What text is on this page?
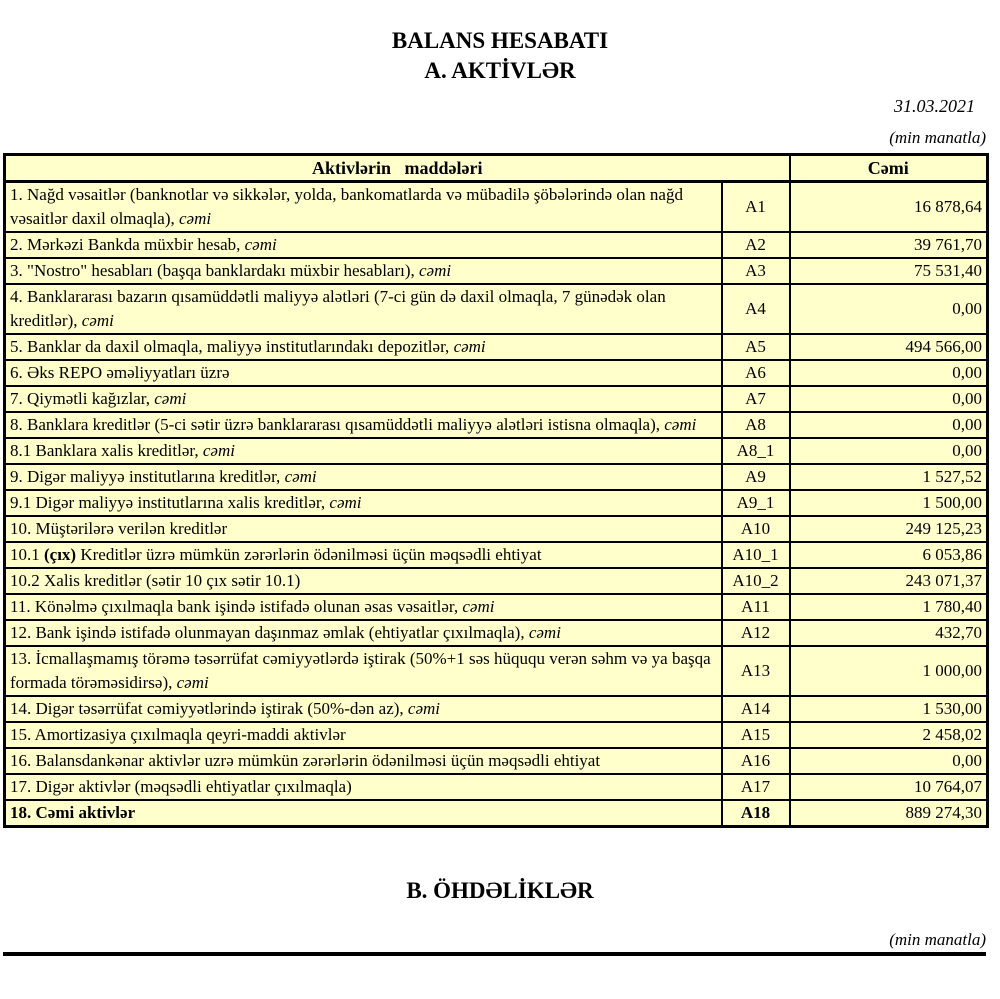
BALANS HESABATI
A. AKTİVLƏR
31.03.2021
(min manatla)
Aktivlərin   maddələri		Cəmi
1. Nağd vəsaitlər (banknotlar və sikkələr, yolda, bankomatlarda və mübadilə şöbələrində olan nağd vəsaitlər daxil olmaqla), cəmi	A1	16 878,64
2. Mərkəzi Bankda müxbir hesab, cəmi	A2	39 761,70
3. "Nostro" hesabları (başqa banklardakı müxbir hesabları), cəmi	A3	75 531,40
4. Banklararası bazarın qısamüddətli maliyyə alətləri (7-ci gün də daxil olmaqla, 7 günədək olan kreditlər), cəmi	A4	0,00
5. Banklar da daxil olmaqla, maliyyə institutlarındakı depozitlər, cəmi	A5	494 566,00
6. Əks REPO əməliyyatları üzrə	A6	0,00
7. Qiymətli kağızlar, cəmi	A7	0,00
8. Banklara kreditlər (5-ci sətir üzrə banklararası qısamüddətli maliyyə alətləri istisna olmaqla), cəmi	A8	0,00
8.1 Banklara xalis kreditlər, cəmi	A8_1	0,00
9. Digər maliyyə institutlarına kreditlər, cəmi	A9	1 527,52
9.1 Digər maliyyə institutlarına xalis kreditlər, cəmi	A9_1	1 500,00
10. Müştərilərə verilən kreditlər	A10	249 125,23
10.1 (çıx) Kreditlər üzrə mümkün zərərlərin ödənilməsi üçün məqsədli ehtiyat	A10_1	6 053,86
10.2 Xalis kreditlər (sətir 10 çıx sətir 10.1)	A10_2	243 071,37
11. Könəlmə çıxılmaqla bank işində istifadə olunan əsas vəsaitlər, cəmi	A11	1 780,40
12. Bank işində istifadə olunmayan daşınmaz əmlak (ehtiyatlar çıxılmaqla), cəmi	A12	432,70
13. İcmallaşmamış törəmə təsərrüfat cəmiyyətlərdə iştirak (50%+1 səs hüququ verən səhm və ya başqa formada törəməsidirsə), cəmi	A13	1 000,00
14. Digər təsərrüfat cəmiyyətlərində iştirak (50%-dən az), cəmi	A14	1 530,00
15. Amortizasiya çıxılmaqla qeyri-maddi aktivlər	A15	2 458,02
16. Balansdankənar aktivlər uzrə mümkün zərərlərin ödənilməsi üçün məqsədli ehtiyat	A16	0,00
17. Digər aktivlər (məqsədli ehtiyatlar çıxılmaqla)	A17	10 764,07
18. Cəmi aktivlər	A18	889 274,30
B. ÖHDƏLİKLƏR
(min manatla)
